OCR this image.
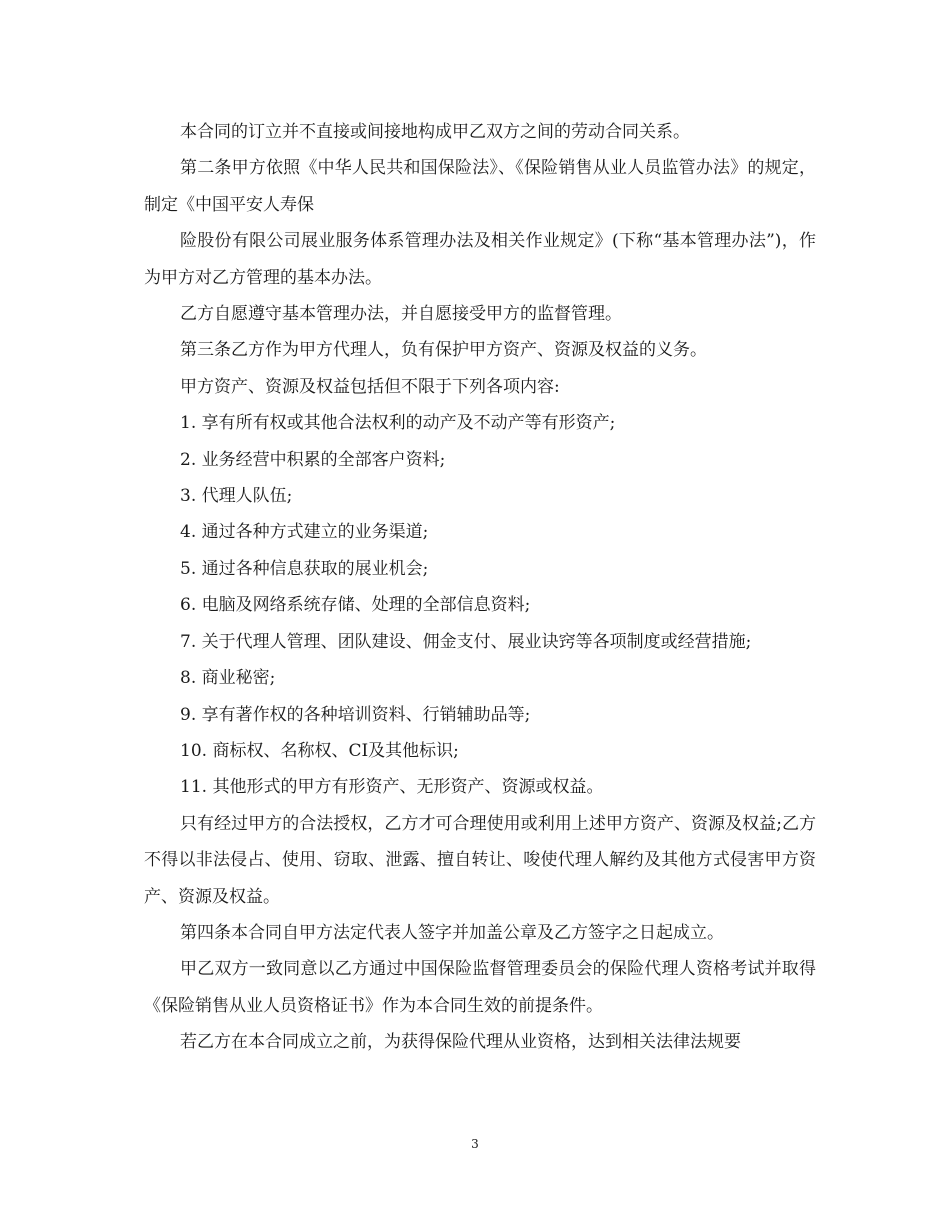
本合同的订立并不直接或间接地构成甲乙双方之间的劳动合同关系。

第二条甲方依照《中华人民共和国保险法》、《保险销售从业人员监管办法》的规定，制定《中国平安人寿保

险股份有限公司展业服务体系管理办法及相关作业规定》(下称“基本管理办法”)，作为甲方对乙方管理的基本办法。

乙方自愿遵守基本管理办法，并自愿接受甲方的监督管理。

第三条乙方作为甲方代理人，负有保护甲方资产、资源及权益的义务。

甲方资产、资源及权益包括但不限于下列各项内容:

1. 享有所有权或其他合法权利的动产及不动产等有形资产;

2. 业务经营中积累的全部客户资料;

3. 代理人队伍;

4. 通过各种方式建立的业务渠道;

5. 通过各种信息获取的展业机会;

6. 电脑及网络系统存储、处理的全部信息资料;

7. 关于代理人管理、团队建设、佣金支付、展业诀窍等各项制度或经营措施;

8. 商业秘密;

9. 享有著作权的各种培训资料、行销辅助品等;

10. 商标权、名称权、CI及其他标识;

11. 其他形式的甲方有形资产、无形资产、资源或权益。

只有经过甲方的合法授权，乙方才可合理使用或利用上述甲方资产、资源及权益;乙方不得以非法侵占、使用、窃取、泄露、擅自转让、唆使代理人解约及其他方式侵害甲方资产、资源及权益。

第四条本合同自甲方法定代表人签字并加盖公章及乙方签字之日起成立。

甲乙双方一致同意以乙方通过中国保险监督管理委员会的保险代理人资格考试并取得《保险销售从业人员资格证书》作为本合同生效的前提条件。

若乙方在本合同成立之前，为获得保险代理从业资格，达到相关法律法规要

3
